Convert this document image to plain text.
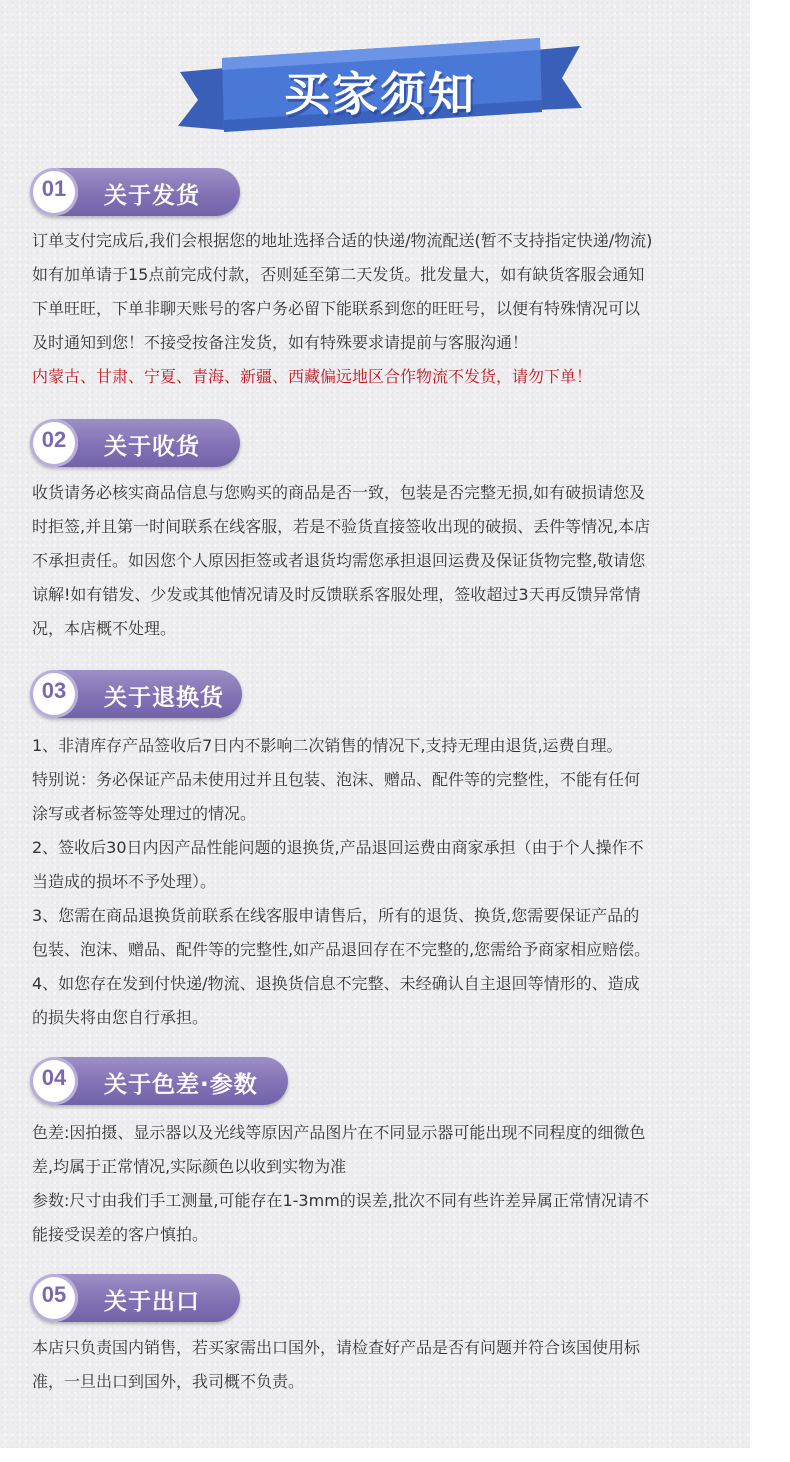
买家须知
01	关于发货

订单支付完成后,我们会根据您的地址选择合适的快递/物流配送(暂不支持指定快递/物流)

如有加单请于15点前完成付款，否则延至第二天发货。批发量大，如有缺货客服会通知

下单旺旺，下单非聊天账号的客户务必留下能联系到您的旺旺号，以便有特殊情况可以

及时通知到您！不接受按备注发货，如有特殊要求请提前与客服沟通！

内蒙古、甘肃、宁夏、青海、新疆、西藏偏远地区合作物流不发货，请勿下单！

02	关于收货

收货请务必核实商品信息与您购买的商品是否一致，包装是否完整无损,如有破损请您及

时拒签,并且第一时间联系在线客服，若是不验货直接签收出现的破损、丢件等情况,本店

不承担责任。如因您个人原因拒签或者退货均需您承担退回运费及保证货物完整,敬请您

谅解!如有错发、少发或其他情况请及时反馈联系客服处理，签收超过3天再反馈异常情

况，本店概不处理。

03	关于退换货

1、非清库存产品签收后7日内不影响二次销售的情况下,支持无理由退货,运费自理。

特别说：务必保证产品未使用过并且包装、泡沫、赠品、配件等的完整性，不能有任何

涂写或者标签等处理过的情况。

2、签收后30日内因产品性能问题的退换货,产品退回运费由商家承担（由于个人操作不

当造成的损坏不予处理）。

3、您需在商品退换货前联系在线客服申请售后，所有的退货、换货,您需要保证产品的

包装、泡沫、赠品、配件等的完整性,如产品退回存在不完整的,您需给予商家相应赔偿。

4、如您存在发到付快递/物流、退换货信息不完整、未经确认自主退回等情形的、造成

的损失将由您自行承担。

04	关于色差·参数

色差:因拍摄、显示器以及光线等原因产品图片在不同显示器可能出现不同程度的细微色

差,均属于正常情况,实际颜色以收到实物为准

参数:尺寸由我们手工测量,可能存在1-3mm的误差,批次不同有些许差异属正常情况请不

能接受误差的客户慎拍。

05	关于出口

本店只负责国内销售，若买家需出口国外，请检查好产品是否有问题并符合该国使用标

准，一旦出口到国外，我司概不负责。
